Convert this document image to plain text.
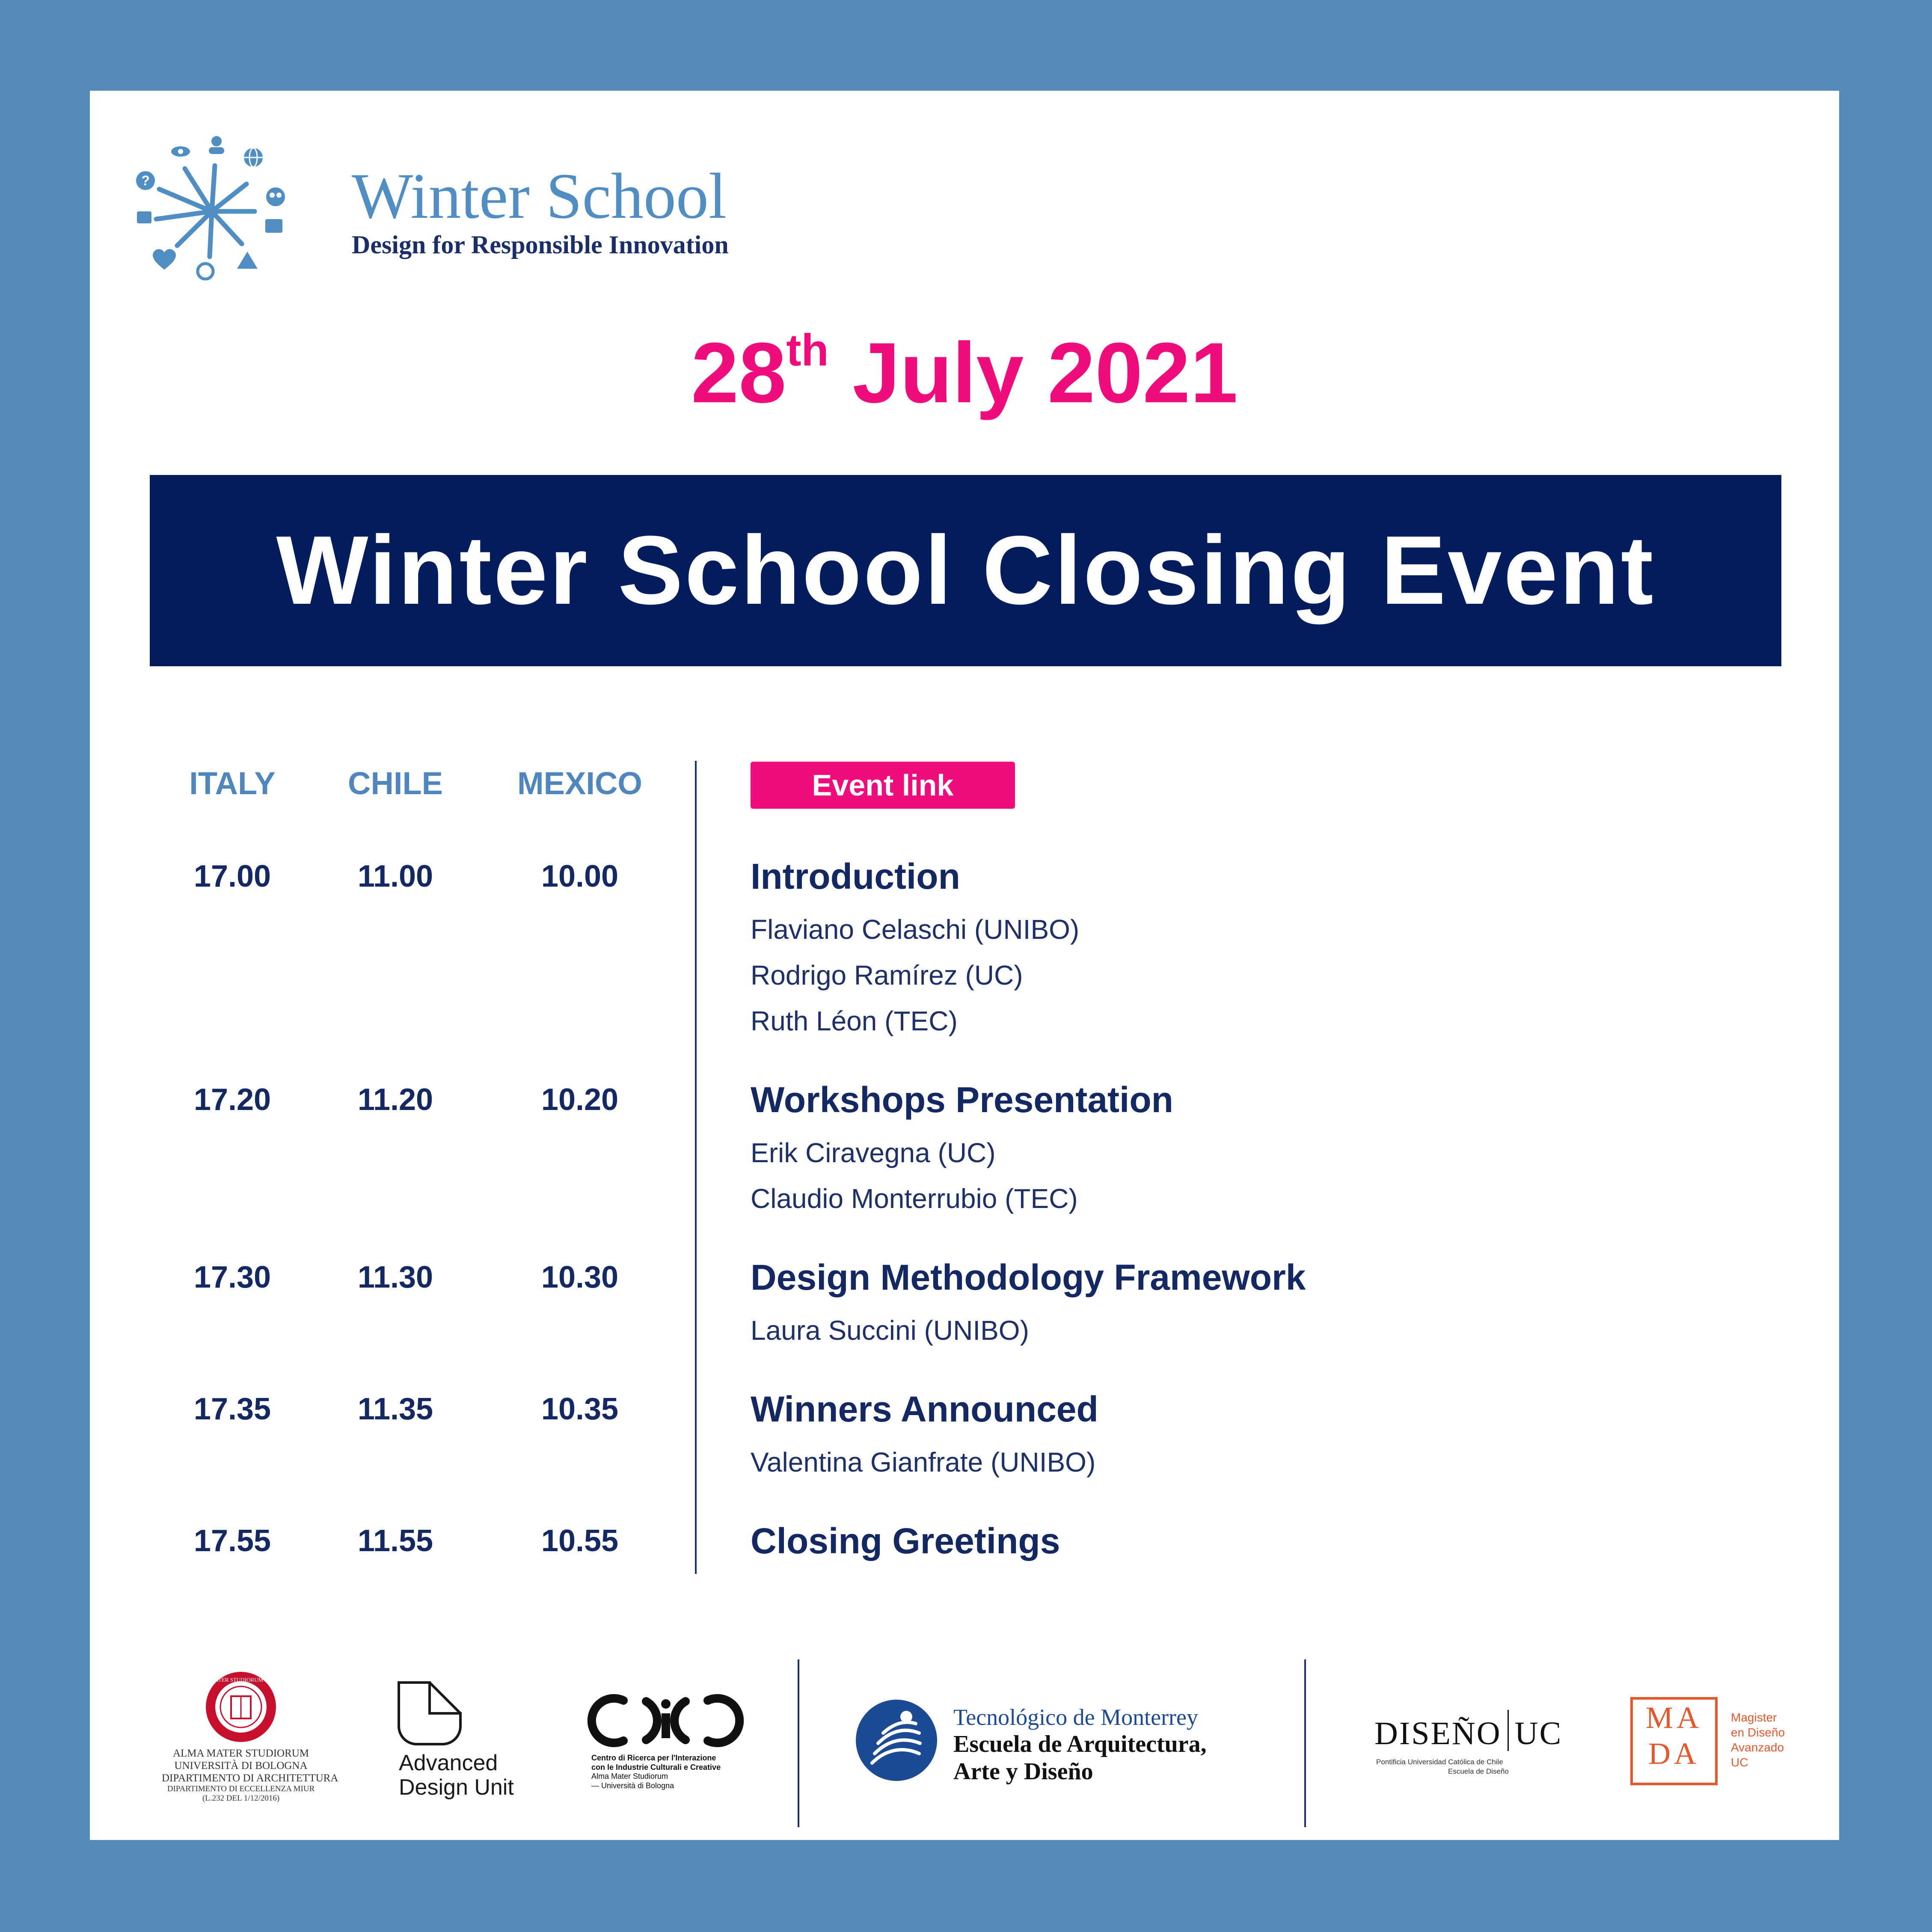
?	Winter School
Design for Responsible Innovation
28th July 2021
Winter School Closing Event
ITALY	CHILE	MEXICO	Event link
17.00	11.00	10.00	Introduction
Flaviano Celaschi (UNIBO)
Rodrigo Ramírez (UC)
Ruth Léon (TEC)
17.20	11.20	10.20	Workshops Presentation
Erik Ciravegna (UC)
Claudio Monterrubio (TEC)
17.30	11.30	10.30	Design Methodology Framework
Laura Succini (UNIBO)
17.35	11.35	10.35	Winners Announced
Valentina Gianfrate (UNIBO)
17.55	11.55	10.55	Closing Greetings
ALMA MATER STUDIORUM · CESENA
ALMA MATER STUDIORUM
UNIVERSITÀ DI BOLOGNA
DIPARTIMENTO DI ARCHITETTURA
DIPARTIMENTO DI ECCELLENZA MIUR
(L.232 DEL 1/12/2016)
Advanced
Design Unit
Centro di Ricerca per l'Interazione
con le Industrie Culturali e Creative
Alma Mater Studiorum
— Università di Bologna
Tecnológico de Monterrey
Escuela de Arquitectura,
Arte y Diseño
DISEÑO UC
Pontificia Universidad Católica de Chile
Escuela de Diseño
MA
DA
Magister
en Diseño
Avanzado
UC
